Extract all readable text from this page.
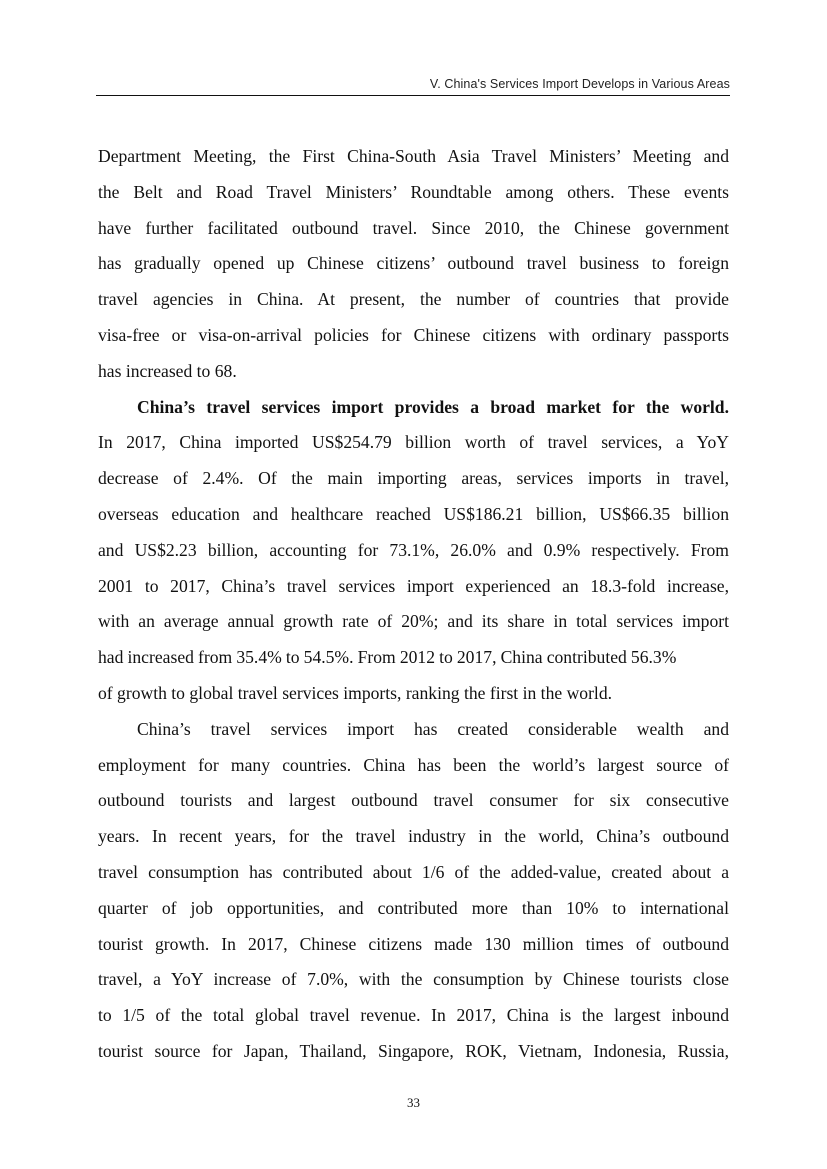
V. China's Services Import Develops in Various Areas
Department Meeting, the First China-South Asia Travel Ministers’ Meeting and
the Belt and Road Travel Ministers’ Roundtable among others. These events
have further facilitated outbound travel. Since 2010, the Chinese government
has gradually opened up Chinese citizens’ outbound travel business to foreign
travel agencies in China. At present, the number of countries that provide
visa-free or visa-on-arrival policies for Chinese citizens with ordinary passports
has increased to 68.
China’s travel services import provides a broad market for the world.
In 2017, China imported US$254.79 billion worth of travel services, a YoY
decrease of 2.4%. Of the main importing areas, services imports in travel,
overseas education and healthcare reached US$186.21 billion, US$66.35 billion
and US$2.23 billion, accounting for 73.1%, 26.0% and 0.9% respectively. From
2001 to 2017, China’s travel services import experienced an 18.3-fold increase,
with an average annual growth rate of 20%; and its share in total services import
had increased from 35.4% to 54.5%. From 2012 to 2017, China contributed 56.3%
of growth to global travel services imports, ranking the first in the world.
China’s travel services import has created considerable wealth and
employment for many countries. China has been the world’s largest source of
outbound tourists and largest outbound travel consumer for six consecutive
years. In recent years, for the travel industry in the world, China’s outbound
travel consumption has contributed about 1/6 of the added-value, created about a
quarter of job opportunities, and contributed more than 10% to international
tourist growth. In 2017, Chinese citizens made 130 million times of outbound
travel, a YoY increase of 7.0%, with the consumption by Chinese tourists close
to 1/5 of the total global travel revenue. In 2017, China is the largest inbound
tourist source for Japan, Thailand, Singapore, ROK, Vietnam, Indonesia, Russia,
33
